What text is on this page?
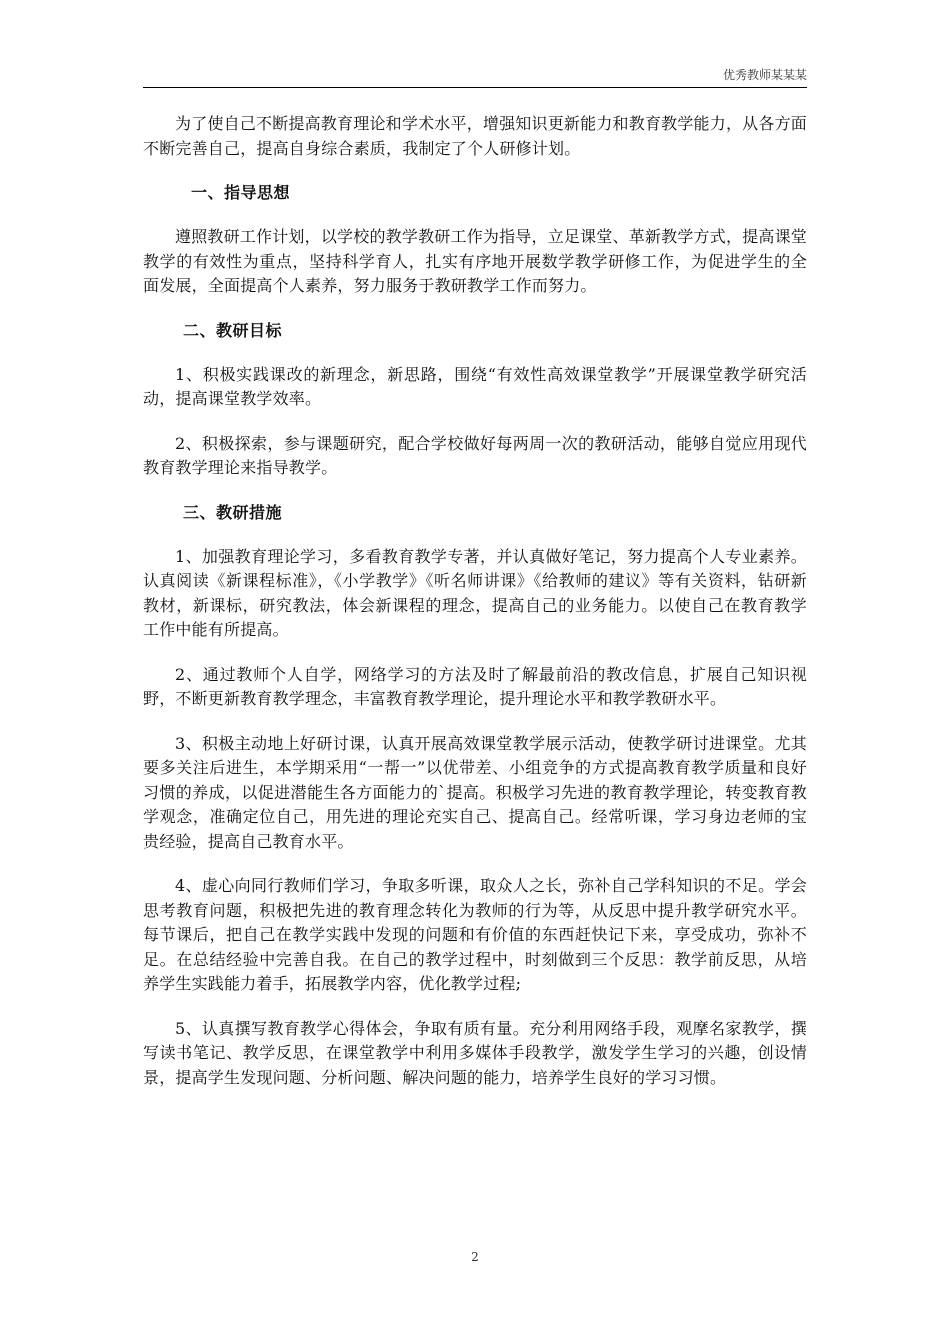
优秀教师某某某

为了使自己不断提高教育理论和学术水平，增强知识更新能力和教育教学能力，从各方面不断完善自己，提高自身综合素质，我制定了个人研修计划。

一、指导思想

遵照教研工作计划，以学校的教学教研工作为指导，立足课堂、革新教学方式，提高课堂教学的有效性为重点，坚持科学育人，扎实有序地开展数学教学研修工作，为促进学生的全面发展，全面提高个人素养，努力服务于教研教学工作而努力。

二、教研目标

1、积极实践课改的新理念，新思路，围绕“有效性高效课堂教学”开展课堂教学研究活动，提高课堂教学效率。

2、积极探索，参与课题研究，配合学校做好每两周一次的教研活动，能够自觉应用现代教育教学理论来指导教学。

三、教研措施

1、加强教育理论学习，多看教育教学专著，并认真做好笔记，努力提高个人专业素养。认真阅读《新课程标准》，《小学教学》《听名师讲课》《给教师的建议》等有关资料，钻研新教材，新课标，研究教法，体会新课程的理念，提高自己的业务能力。以使自己在教育教学工作中能有所提高。

2、通过教师个人自学，网络学习的方法及时了解最前沿的教改信息，扩展自己知识视野，不断更新教育教学理念，丰富教育教学理论，提升理论水平和教学教研水平。

3、积极主动地上好研讨课，认真开展高效课堂教学展示活动，使教学研讨进课堂。尤其要多关注后进生，本学期采用“一帮一”以优带差、小组竞争的方式提高教育教学质量和良好习惯的养成，以促进潜能生各方面能力的`提高。积极学习先进的教育教学理论，转变教育教学观念，准确定位自己，用先进的理论充实自己、提高自己。经常听课，学习身边老师的宝贵经验，提高自己教育水平。

4、虚心向同行教师们学习，争取多听课，取众人之长，弥补自己学科知识的不足。学会思考教育问题，积极把先进的教育理念转化为教师的行为等，从反思中提升教学研究水平。每节课后，把自己在教学实践中发现的问题和有价值的东西赶快记下来，享受成功，弥补不足。在总结经验中完善自我。在自己的教学过程中，时刻做到三个反思：教学前反思，从培养学生实践能力着手，拓展教学内容，优化教学过程;

5、认真撰写教育教学心得体会，争取有质有量。充分利用网络手段，观摩名家教学，撰写读书笔记、教学反思，在课堂教学中利用多媒体手段教学，激发学生学习的兴趣，创设情景，提高学生发现问题、分析问题、解决问题的能力，培养学生良好的学习习惯。

2
